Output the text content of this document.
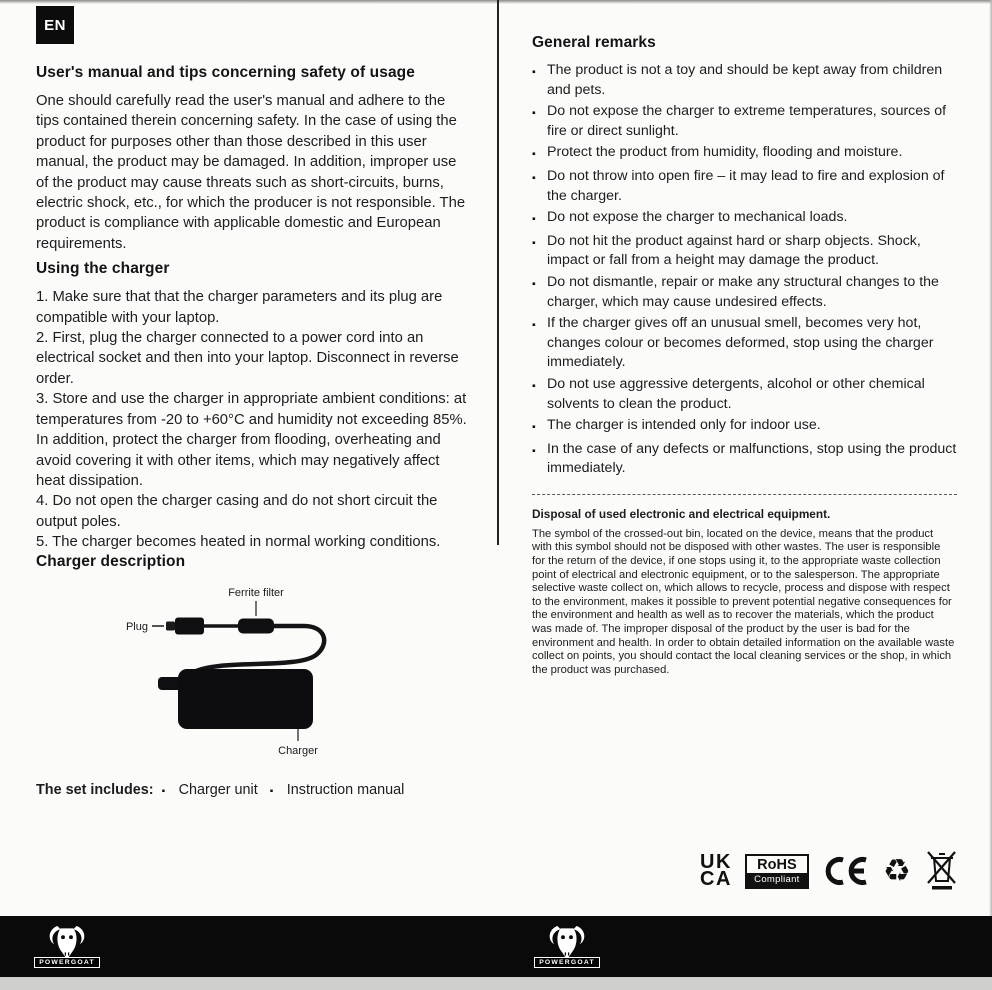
EN
User's manual and tips concerning safety of usage

One should carefully read the user's manual and adhere to the tips contained therein concerning safety. In the case of using the product for purposes other than those described in this user manual, the product may be damaged. In addition, improper use of the product may cause threats such as short-circuits, burns, electric shock, etc., for which the producer is not responsible. The product is compliance with applicable domestic and European requirements.

Using the charger

1. Make sure that that the charger parameters and its plug are compatible with your laptop.

2. First, plug the charger connected to a power cord into an electrical socket and then into your laptop. Disconnect in reverse order.

3. Store and use the charger in appropriate ambient conditions: at temperatures from -20 to +60°C and humidity not exceeding 85%. In addition, protect the charger from flooding, overheating and avoid covering it with other items, which may negatively affect heat dissipation.

4. Do not open the charger casing and do not short circuit the output poles.

5. The charger becomes heated in normal working conditions.

Charger description
Ferrite filter
Plug
Charger
The set includes: ▪ Charger unit ▪ Instruction manual
General remarks
▪ The product is not a toy and should be kept away from children and pets.
▪ Do not expose the charger to extreme temperatures, sources of fire or direct sunlight.
▪ Protect the product from humidity, flooding and moisture.
▪ Do not throw into open fire – it may lead to fire and explosion of the charger.
▪ Do not expose the charger to mechanical loads.
▪ Do not hit the product against hard or sharp objects. Shock, impact or fall from a height may damage the product.
▪ Do not dismantle, repair or make any structural changes to the charger, which may cause undesired effects.
▪ If the charger gives off an unusual smell, becomes very hot, changes colour or becomes deformed, stop using the charger immediately.
▪ Do not use aggressive detergents, alcohol or other chemical solvents to clean the product.
▪ The charger is intended only for indoor use.
▪ In the case of any defects or malfunctions, stop using the product immediately.

Disposal of used electronic and electrical equipment.

The symbol of the crossed-out bin, located on the device, means that the product with this symbol should not be disposed with other wastes. The user is responsible for the return of the device, if one stops using it, to the appropriate waste collection point of electrical and electronic equipment, or to the salesperson. The appropriate selective waste collect on, which allows to recycle, process and dispose with respect to the environment, makes it possible to prevent potential negative consequences for the environment and health as well as to recover the materials, which the product was made of. The improper disposal of the product by the user is bad for the environment and health. In order to obtain detailed information on the available waste collect on points, you should contact the local cleaning services or the shop, in which the product was purchased.

UK
CA
RoHS
Compliant	♻
POWERGOAT	POWERGOAT
